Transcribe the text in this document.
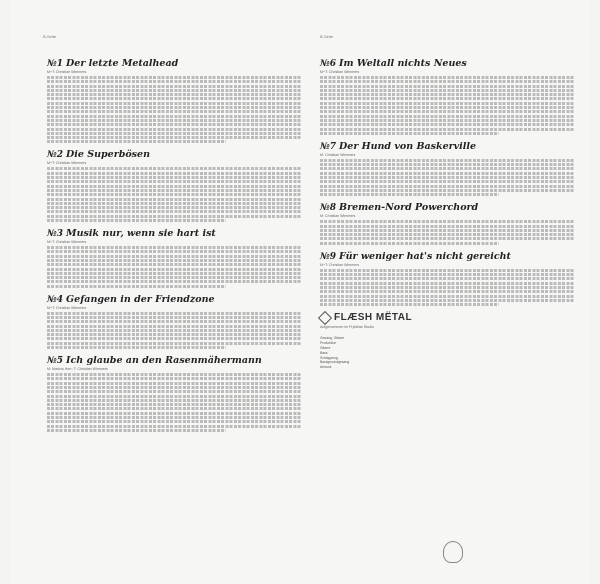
B-Seite	B-Seite
№1 Der letzte Metalhead
M+T: Christian Wimmers
№2 Die Superbösen
M+T: Christian Wimmers
№3 Musik nur, wenn sie hart ist
M+T: Christian Wimmers
№4 Gefangen in der Friendzone
M+T: Christian Wimmers
№5 Ich glaube an den Rasenmähermann
M: Markus Herr; T: Christian Wimmers
№6 Im Weltall nichts Neues
M+T: Christian Wimmers
№7 Der Hund von Baskerville
M: Christian Wimmers
№8 Bremen-Nord Powerchord
M: Christian Wimmers
№9 Für weniger hat's nicht gereicht
M+T: Christian Wimmers
FLÆSH MËTAL
Aufgenommen im Prybillas Studio
Gesang, Gitarre	
Produktion	
Gitarre	
Bass	
Schlagzeug	
Backgroundgesang	
Artwork	
